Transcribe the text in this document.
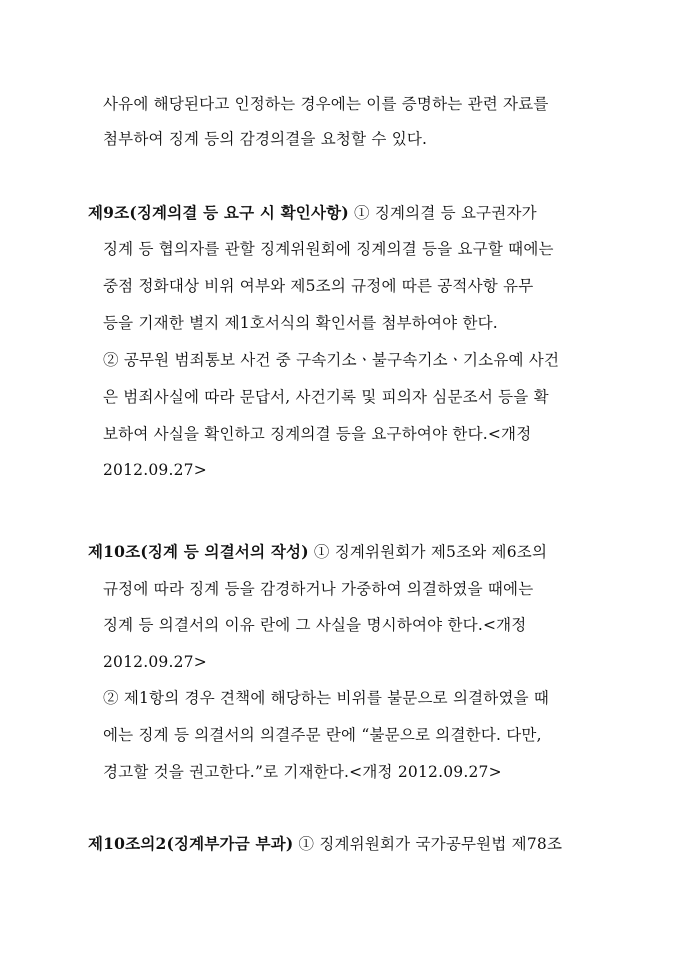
사유에 해당된다고 인정하는 경우에는 이를 증명하는 관련 자료를
첨부하여 징계 등의 감경의결을 요청할 수 있다.
제9조(징계의결 등 요구 시 확인사항) ① 징계의결 등 요구권자가
징계 등 협의자를 관할 징계위원회에 징계의결 등을 요구할 때에는
중점 정화대상 비위 여부와 제5조의 규정에 따른 공적사항 유무
등을 기재한 별지 제1호서식의 확인서를 첨부하여야 한다.
② 공무원 범죄통보 사건 중 구속기소ㆍ불구속기소ㆍ기소유예 사건
은 범죄사실에 따라 문답서, 사건기록 및 피의자 심문조서 등을 확
보하여 사실을 확인하고 징계의결 등을 요구하여야 한다.<개정
2012.09.27>
제10조(징계 등 의결서의 작성) ① 징계위원회가 제5조와 제6조의
규정에 따라 징계 등을 감경하거나 가중하여 의결하였을 때에는
징계 등 의결서의 이유 란에 그 사실을 명시하여야 한다.<개정
2012.09.27>
② 제1항의 경우 견책에 해당하는 비위를 불문으로 의결하였을 때
에는 징계 등 의결서의 의결주문 란에 “불문으로 의결한다. 다만,
경고할 것을 권고한다.”로 기재한다.<개정 2012.09.27>
제10조의2(징계부가금 부과) ① 징계위원회가 국가공무원법 제78조
